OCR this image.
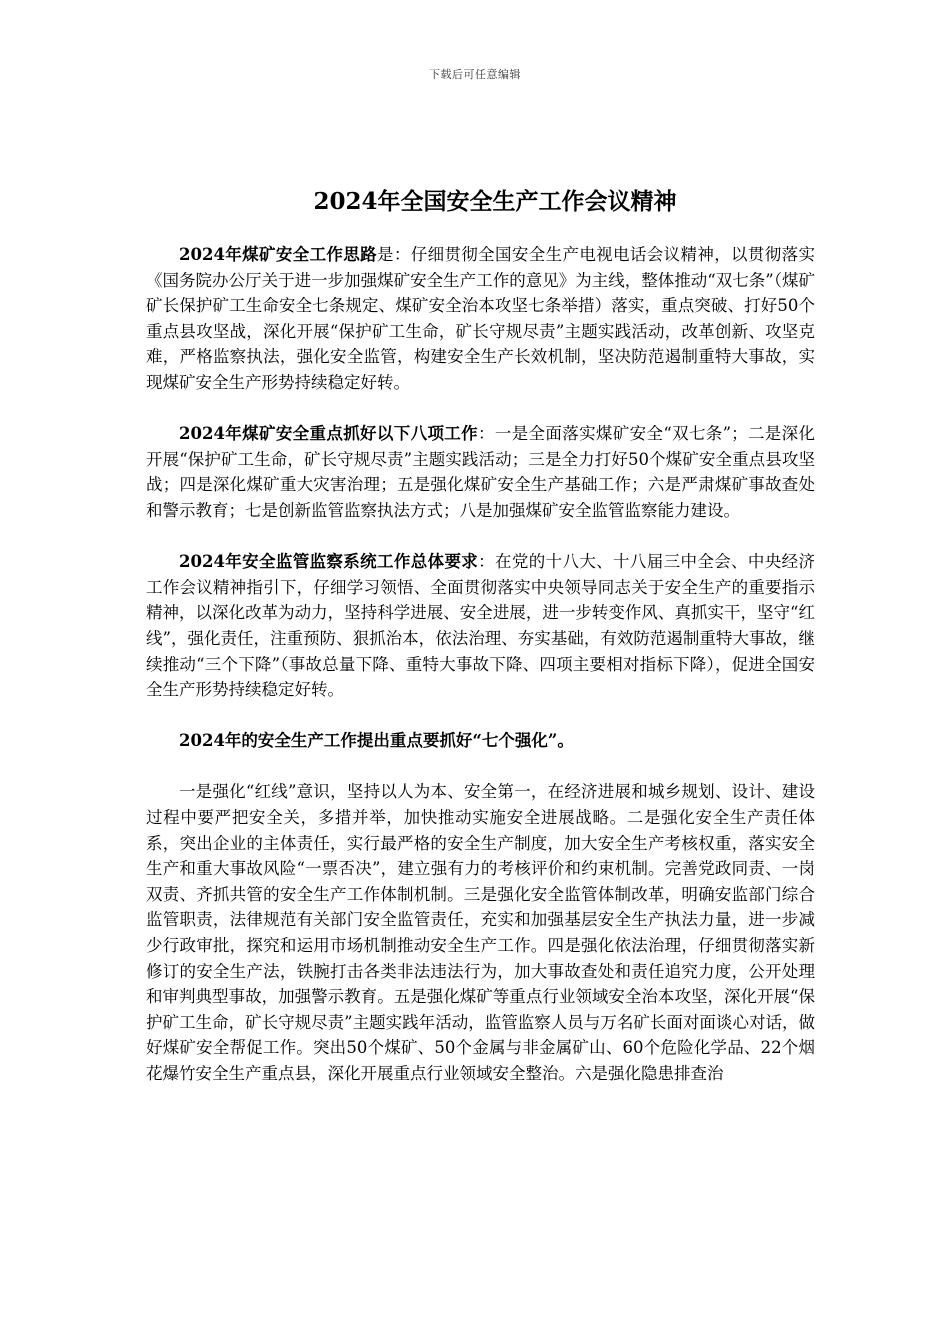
下载后可任意编辑
2024年全国安全生产工作会议精神

2024年煤矿安全工作思路是：仔细贯彻全国安全生产电视电话会议精神，以贯彻落实《国务院办公厅关于进一步加强煤矿安全生产工作的意见》为主线，整体推动“双七条”（煤矿矿长保护矿工生命安全七条规定、煤矿安全治本攻坚七条举措）落实，重点突破、打好50个重点县攻坚战，深化开展“保护矿工生命，矿长守规尽责”主题实践活动，改革创新、攻坚克难，严格监察执法，强化安全监管，构建安全生产长效机制，坚决防范遏制重特大事故，实现煤矿安全生产形势持续稳定好转。

2024年煤矿安全重点抓好以下八项工作：一是全面落实煤矿安全“双七条”；二是深化开展“保护矿工生命，矿长守规尽责”主题实践活动；三是全力打好50个煤矿安全重点县攻坚战；四是深化煤矿重大灾害治理；五是强化煤矿安全生产基础工作；六是严肃煤矿事故查处和警示教育；七是创新监管监察执法方式；八是加强煤矿安全监管监察能力建设。

2024年安全监管监察系统工作总体要求：在党的十八大、十八届三中全会、中央经济工作会议精神指引下，仔细学习领悟、全面贯彻落实中央领导同志关于安全生产的重要指示精神，以深化改革为动力，坚持科学进展、安全进展，进一步转变作风、真抓实干，坚守“红线”，强化责任，注重预防、狠抓治本，依法治理、夯实基础，有效防范遏制重特大事故，继续推动“三个下降”（事故总量下降、重特大事故下降、四项主要相对指标下降），促进全国安全生产形势持续稳定好转。

2024年的安全生产工作提出重点要抓好“七个强化”。

一是强化“红线”意识，坚持以人为本、安全第一，在经济进展和城乡规划、设计、建设过程中要严把安全关，多措并举，加快推动实施安全进展战略。二是强化安全生产责任体系，突出企业的主体责任，实行最严格的安全生产制度，加大安全生产考核权重，落实安全生产和重大事故风险“一票否决”，建立强有力的考核评价和约束机制。完善党政同责、一岗双责、齐抓共管的安全生产工作体制机制。三是强化安全监管体制改革，明确安监部门综合监管职责，法律规范有关部门安全监管责任，充实和加强基层安全生产执法力量，进一步减少行政审批，探究和运用市场机制推动安全生产工作。四是强化依法治理，仔细贯彻落实新修订的安全生产法，铁腕打击各类非法违法行为，加大事故查处和责任追究力度，公开处理和审判典型事故，加强警示教育。五是强化煤矿等重点行业领域安全治本攻坚，深化开展“保护矿工生命，矿长守规尽责”主题实践年活动，监管监察人员与万名矿长面对面谈心对话，做好煤矿安全帮促工作。突出50个煤矿、50个金属与非金属矿山、60个危险化学品、22个烟花爆竹安全生产重点县，深化开展重点行业领域安全整治。六是强化隐患排查治
